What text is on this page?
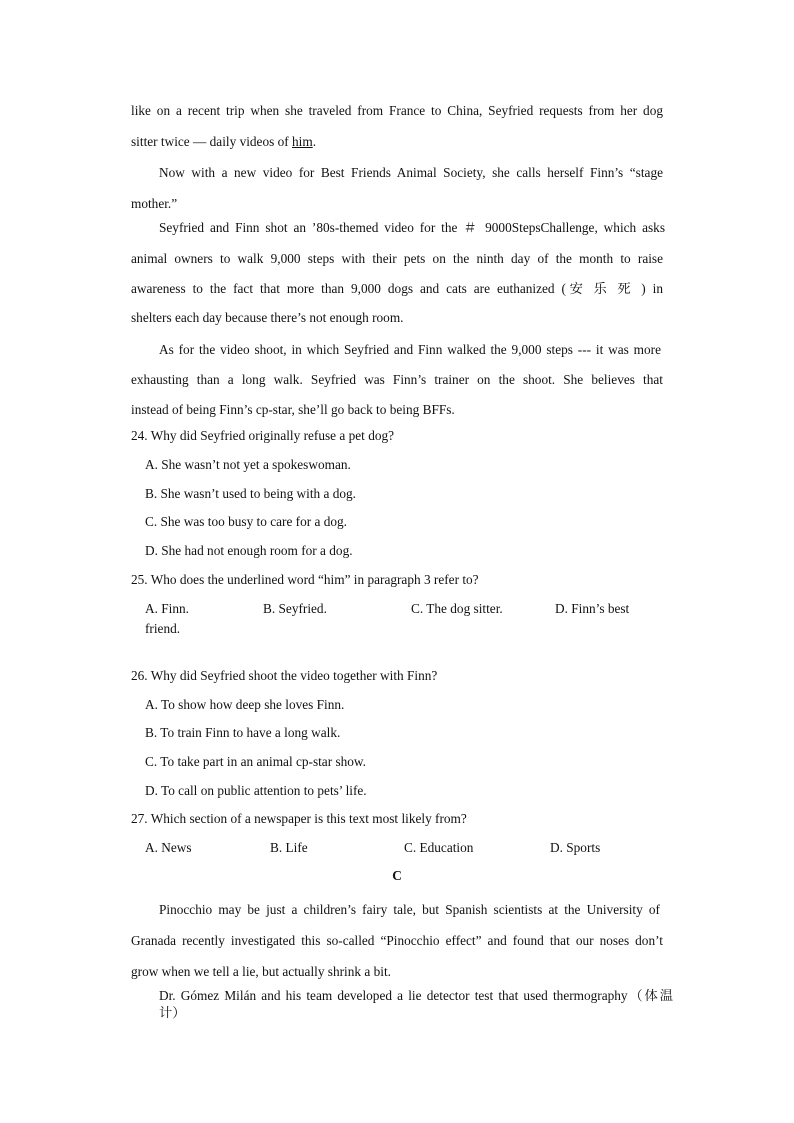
like on a recent trip when she traveled from France to China, Seyfried requests from her dog
sitter twice — daily videos of him.
Now with a new video for Best Friends Animal Society, she calls herself Finn’s “stage
mother.”
Seyfried and Finn shot an ’80s-themed video for the ＃ 9000StepsChallenge, which asks
animal owners to walk 9,000 steps with their pets on the ninth day of the month to raise
awareness to the fact that more than 9,000 dogs and cats are euthanized (安 乐 死 ) in
shelters each day because there’s not enough room.
As for the video shoot, in which Seyfried and Finn walked the 9,000 steps --- it was more
exhausting than a long walk. Seyfried was Finn’s trainer on the shoot. She believes that
instead of being Finn’s cp-star, she’ll go back to being BFFs.
24. Why did Seyfried originally refuse a pet dog?
A. She wasn’t not yet a spokeswoman.
B. She wasn’t used to being with a dog.
C. She was too busy to care for a dog.
D. She had not enough room for a dog.
25. Who does the underlined word “him” in paragraph 3 refer to?
A. Finn.	B. Seyfried.	C. The dog sitter.	D. Finn’s best
friend.
26. Why did Seyfried shoot the video together with Finn?
A. To show how deep she loves Finn.
B. To train Finn to have a long walk.
C. To take part in an animal cp-star show.
D. To call on public attention to pets’ life.
27. Which section of a newspaper is this text most likely from?
A. News	B. Life	C. Education	D. Sports
C
Pinocchio may be just a children’s fairy tale, but Spanish scientists at the University of
Granada recently investigated this so-called “Pinocchio effect” and found that our noses don’t
grow when we tell a lie, but actually shrink a bit.
Dr. Gómez Milán and his team developed a lie detector test that used thermography（体温
计）
